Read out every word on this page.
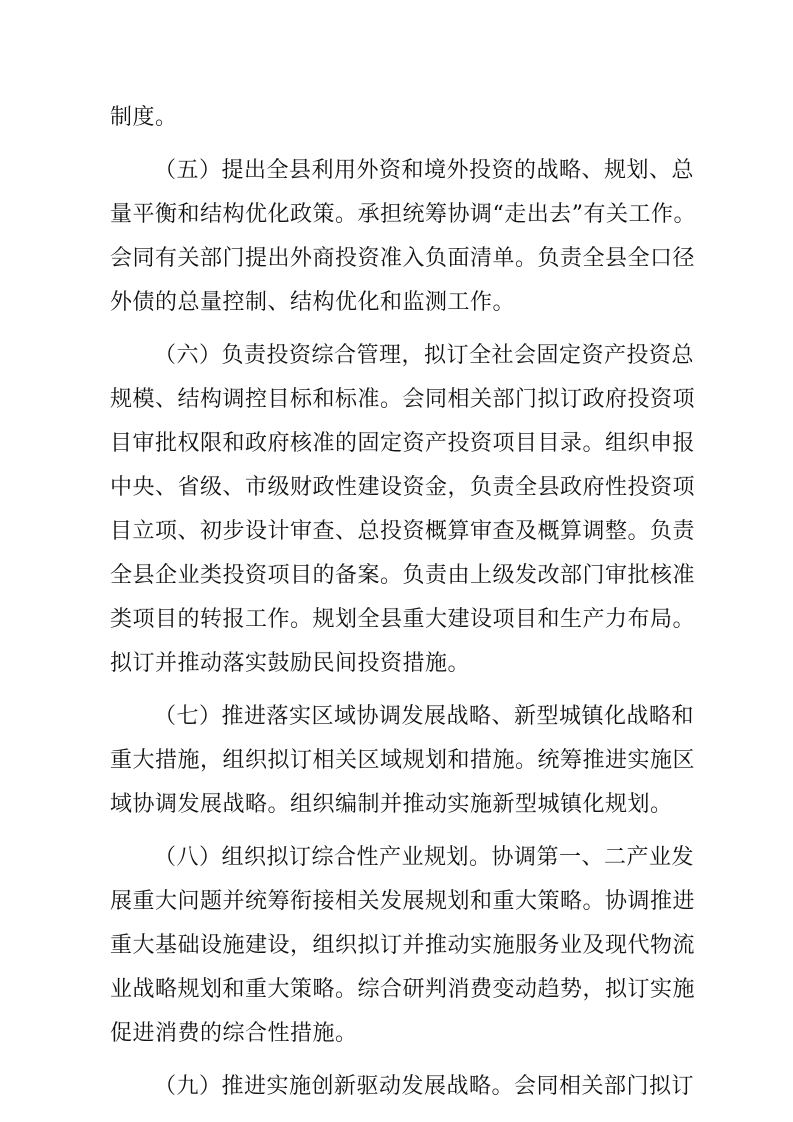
制度。
（五）提出全县利用外资和境外投资的战略、规划、总
量平衡和结构优化政策。承担统筹协调“走出去”有关工作。
会同有关部门提出外商投资准入负面清单。负责全县全口径
外债的总量控制、结构优化和监测工作。
（六）负责投资综合管理，拟订全社会固定资产投资总
规模、结构调控目标和标准。会同相关部门拟订政府投资项
目审批权限和政府核准的固定资产投资项目目录。组织申报
中央、省级、市级财政性建设资金，负责全县政府性投资项
目立项、初步设计审查、总投资概算审查及概算调整。负责
全县企业类投资项目的备案。负责由上级发改部门审批核准
类项目的转报工作。规划全县重大建设项目和生产力布局。
拟订并推动落实鼓励民间投资措施。
（七）推进落实区域协调发展战略、新型城镇化战略和
重大措施，组织拟订相关区域规划和措施。统筹推进实施区
域协调发展战略。组织编制并推动实施新型城镇化规划。
（八）组织拟订综合性产业规划。协调第一、二产业发
展重大问题并统筹衔接相关发展规划和重大策略。协调推进
重大基础设施建设，组织拟订并推动实施服务业及现代物流
业战略规划和重大策略。综合研判消费变动趋势，拟订实施
促进消费的综合性措施。
（九）推进实施创新驱动发展战略。会同相关部门拟订
